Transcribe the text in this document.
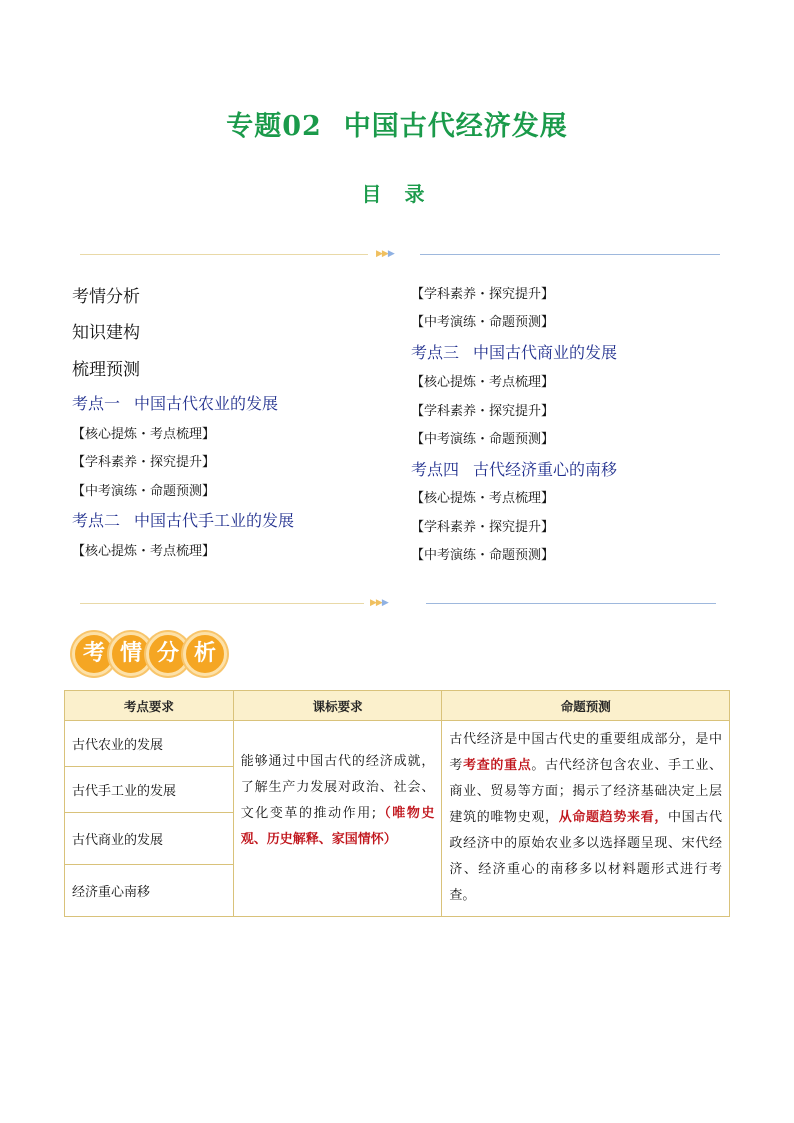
专题02 中国古代经济发展
目 录
▶▶▶
考情分析
知识建构
梳理预测
考点一 中国古代农业的发展
【核心提炼・考点梳理】
【学科素养・探究提升】
【中考演练・命题预测】
考点二 中国古代手工业的发展
【核心提炼・考点梳理】
【学科素养・探究提升】
【中考演练・命题预测】
考点三 中国古代商业的发展
【核心提炼・考点梳理】
【学科素养・探究提升】
【中考演练・命题预测】
考点四 古代经济重心的南移
【核心提炼・考点梳理】
【学科素养・探究提升】
【中考演练・命题预测】
▶▶▶
考 情 分 析
考点要求	课标要求	命题预测
古代农业的发展	能够通过中国古代的经济成就，了解生产力发展对政治、社会、文化变革的推动作用;（唯物史观、历史解释、家国情怀）	古代经济是中国古代史的重要组成部分，是中考考查的重点。古代经济包含农业、手工业、商业、贸易等方面；揭示了经济基础决定上层建筑的唯物史观，从命题趋势来看，中国古代政经济中的原始农业多以选择题呈现、宋代经济、经济重心的南移多以材料题形式进行考查。
古代手工业的发展		
古代商业的发展		
经济重心南移		
